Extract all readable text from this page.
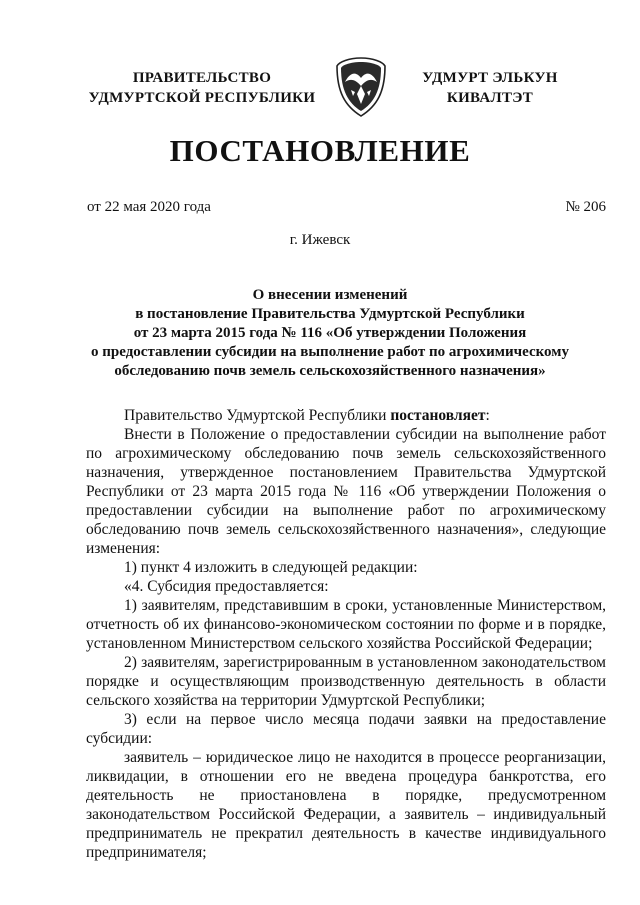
ПРАВИТЕЛЬСТВО
УДМУРТСКОЙ РЕСПУБЛИКИ
УДМУРТ ЭЛЬКУН
КИВАЛТЭТ
ПОСТАНОВЛЕНИЕ
от 22 мая 2020 года	№ 206
г. Ижевск
О внесении изменений
в постановление Правительства Удмуртской Республики
от 23 марта 2015 года № 116 «Об утверждении Положения
о предоставлении субсидии на выполнение работ по агрохимическому
обследованию почв земель сельскохозяйственного назначения»

Правительство Удмуртской Республики постановляет:

Внести в Положение о предоставлении субсидии на выполнение работ по агрохимическому обследованию почв земель сельскохозяйственного назначения, утвержденное постановлением Правительства Удмуртской Республики от 23 марта 2015 года № 116 «Об утверждении Положения о предоставлении субсидии на выполнение работ по агрохимическому обследованию почв земель сельскохозяйственного назначения», следующие изменения:

1) пункт 4 изложить в следующей редакции:

«4. Субсидия предоставляется:

1) заявителям, представившим в сроки, установленные Министерством, отчетность об их финансово-экономическом состоянии по форме и в порядке, установленном Министерством сельского хозяйства Российской Федерации;

2) заявителям, зарегистрированным в установленном законодательством порядке и осуществляющим производственную деятельность в области сельского хозяйства на территории Удмуртской Республики;

3) если на первое число месяца подачи заявки на предоставление субсидии:

заявитель – юридическое лицо не находится в процессе реорганизации, ликвидации, в отношении его не введена процедура банкротства, его деятельность не приостановлена в порядке, предусмотренном законодательством Российской Федерации, а заявитель – индивидуальный предприниматель не прекратил деятельность в качестве индивидуального предпринимателя;
